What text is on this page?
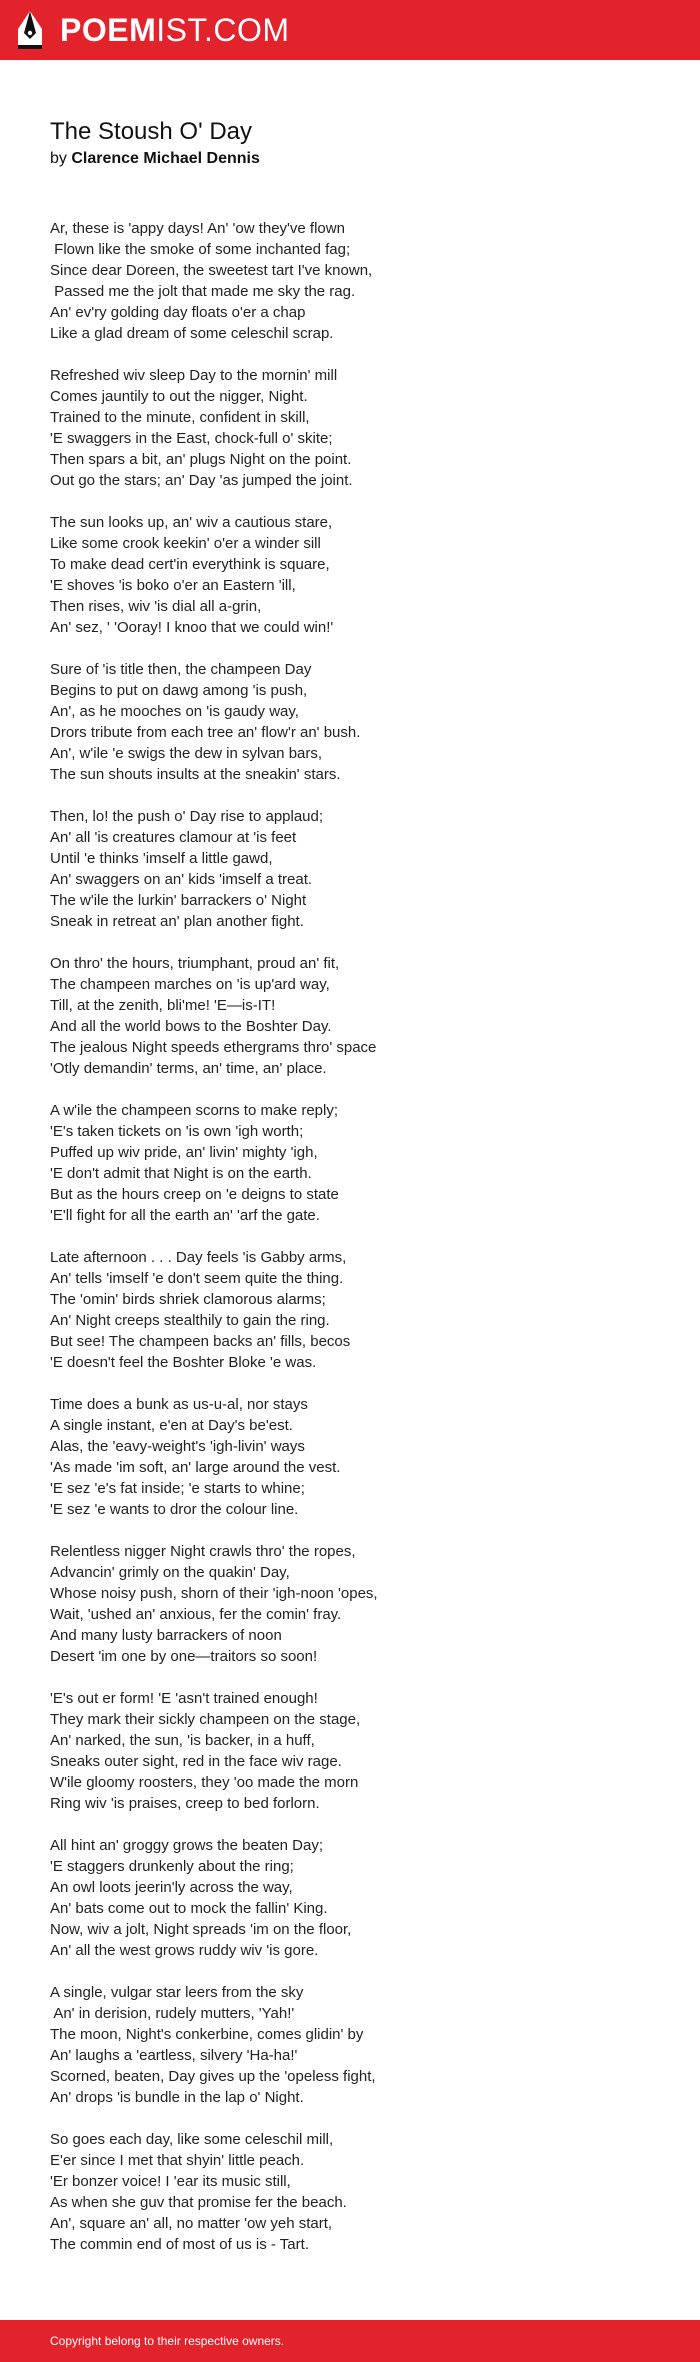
POEMIST.COM
The Stoush O' Day
by Clarence Michael Dennis

Ar, these is 'appy days! An' 'ow they've flown
Flown like the smoke of some inchanted fag;
Since dear Doreen, the sweetest tart I've known,
Passed me the jolt that made me sky the rag.
An' ev'ry golding day floats o'er a chap
Like a glad dream of some celeschil scrap.

Refreshed wiv sleep Day to the mornin' mill
Comes jauntily to out the nigger, Night.
Trained to the minute, confident in skill,
'E swaggers in the East, chock-full o' skite;
Then spars a bit, an' plugs Night on the point.
Out go the stars; an' Day 'as jumped the joint.

The sun looks up, an' wiv a cautious stare,
Like some crook keekin' o'er a winder sill
To make dead cert'in everythink is square,
'E shoves 'is boko o'er an Eastern 'ill,
Then rises, wiv 'is dial all a-grin,
An' sez, ' 'Ooray! I knoo that we could win!'

Sure of 'is title then, the champeen Day
Begins to put on dawg among 'is push,
An', as he mooches on 'is gaudy way,
Drors tribute from each tree an' flow'r an' bush.
An', w'ile 'e swigs the dew in sylvan bars,
The sun shouts insults at the sneakin' stars.

Then, lo! the push o' Day rise to applaud;
An' all 'is creatures clamour at 'is feet
Until 'e thinks 'imself a little gawd,
An' swaggers on an' kids 'imself a treat.
The w'ile the lurkin' barrackers o' Night
Sneak in retreat an' plan another fight.

On thro' the hours, triumphant, proud an' fit,
The champeen marches on 'is up'ard way,
Till, at the zenith, bli'me! 'E—is-IT!
And all the world bows to the Boshter Day.
The jealous Night speeds ethergrams thro' space
'Otly demandin' terms, an' time, an' place.

A w'ile the champeen scorns to make reply;
'E's taken tickets on 'is own 'igh worth;
Puffed up wiv pride, an' livin' mighty 'igh,
'E don't admit that Night is on the earth.
But as the hours creep on 'e deigns to state
'E'll fight for all the earth an' 'arf the gate.

Late afternoon . . . Day feels 'is Gabby arms,
An' tells 'imself 'e don't seem quite the thing.
The 'omin' birds shriek clamorous alarms;
An' Night creeps stealthily to gain the ring.
But see! The champeen backs an' fills, becos
'E doesn't feel the Boshter Bloke 'e was.

Time does a bunk as us-u-al, nor stays
A single instant, e'en at Day's be'est.
Alas, the 'eavy-weight's 'igh-livin' ways
'As made 'im soft, an' large around the vest.
'E sez 'e's fat inside; 'e starts to whine;
'E sez 'e wants to dror the colour line.

Relentless nigger Night crawls thro' the ropes,
Advancin' grimly on the quakin' Day,
Whose noisy push, shorn of their 'igh-noon 'opes,
Wait, 'ushed an' anxious, fer the comin' fray.
And many lusty barrackers of noon
Desert 'im one by one—traitors so soon!

'E's out er form! 'E 'asn't trained enough!
They mark their sickly champeen on the stage,
An' narked, the sun, 'is backer, in a huff,
Sneaks outer sight, red in the face wiv rage.
W'ile gloomy roosters, they 'oo made the morn
Ring wiv 'is praises, creep to bed forlorn.

All hint an' groggy grows the beaten Day;
'E staggers drunkenly about the ring;
An owl loots jeerin'ly across the way,
An' bats come out to mock the fallin' King.
Now, wiv a jolt, Night spreads 'im on the floor,
An' all the west grows ruddy wiv 'is gore.

A single, vulgar star leers from the sky
An' in derision, rudely mutters, 'Yah!'
The moon, Night's conkerbine, comes glidin' by
An' laughs a 'eartless, silvery 'Ha-ha!'
Scorned, beaten, Day gives up the 'opeless fight,
An' drops 'is bundle in the lap o' Night.

So goes each day, like some celeschil mill,
E'er since I met that shyin' little peach.
'Er bonzer voice! I 'ear its music still,
As when she guv that promise fer the beach.
An', square an' all, no matter 'ow yeh start,
The commin end of most of us is - Tart.

Copyright belong to their respective owners.
